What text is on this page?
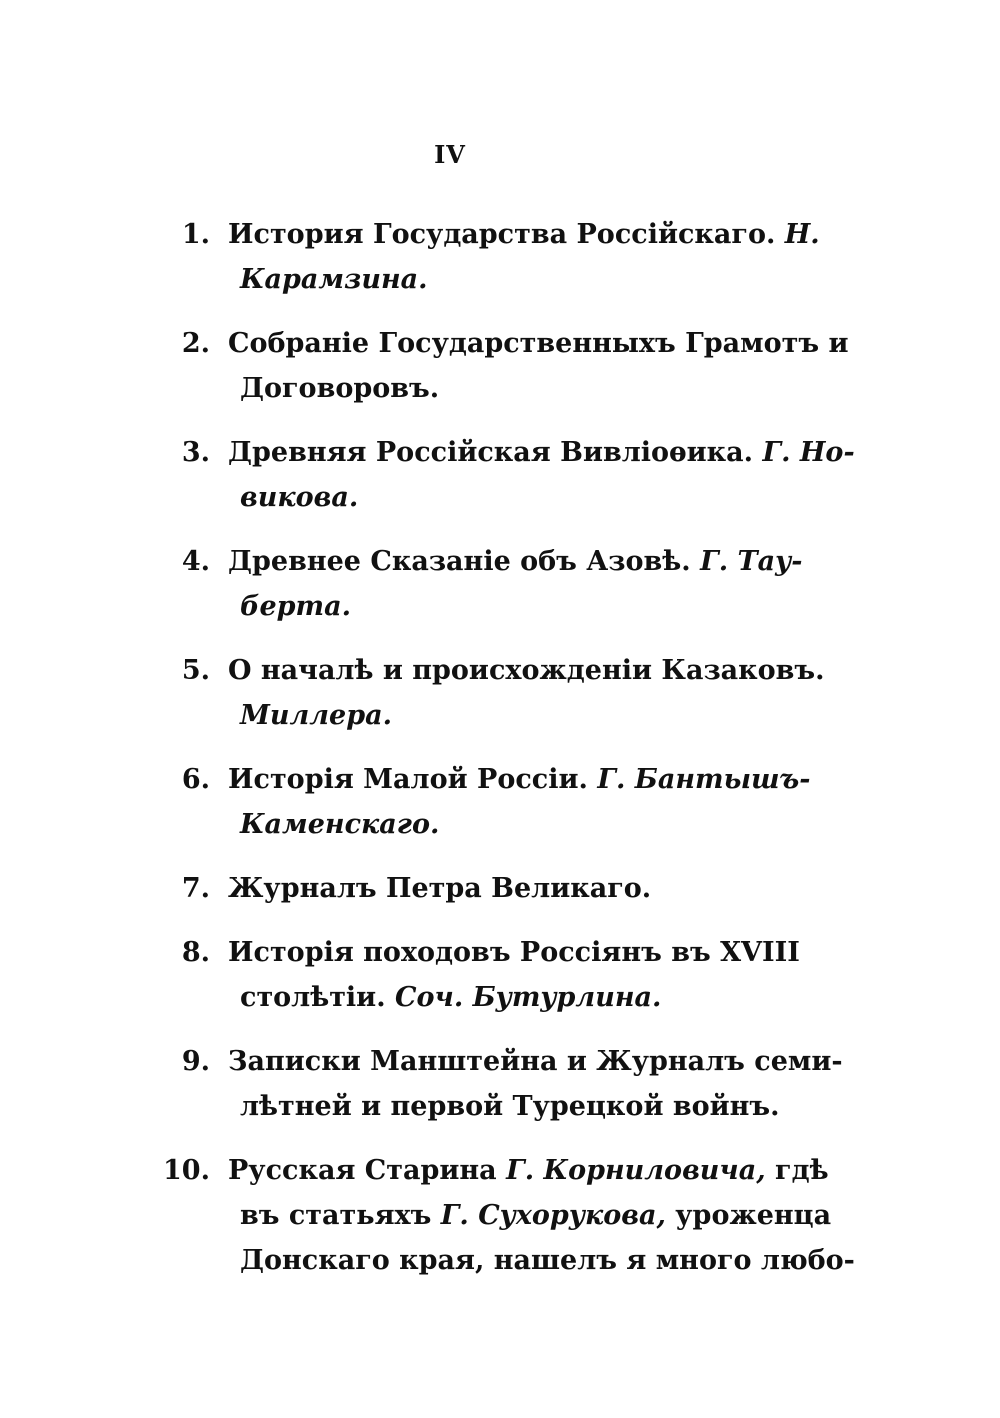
IV
1. История Государства Россійскаго. Н.
Карамзина.
2. Собраніе Государственныхъ Грамотъ и
Договоровъ.
3. Древняя Россійская Вивліоѳика. Г. Но-
викова.
4. Древнее Сказаніе объ Азовѣ. Г. Тау-
берта.
5. О началѣ и происхожденіи Казаковъ.
Миллера.
6. Исторія Малой Россіи. Г. Бантышъ-
Каменскаго.
7. Журналъ Петра Великаго.
8. Исторія походовъ Россіянъ въ XVIII
столѣтіи. Соч. Бутурлина.
9. Записки Манштейна и Журналъ семи-
лѣтней и первой Турецкой войнъ.
10. Русская Старина Г. Корниловича, гдѣ
въ статьяхъ Г. Сухорукова, уроженца
Донскаго края, нашелъ я много любо-
